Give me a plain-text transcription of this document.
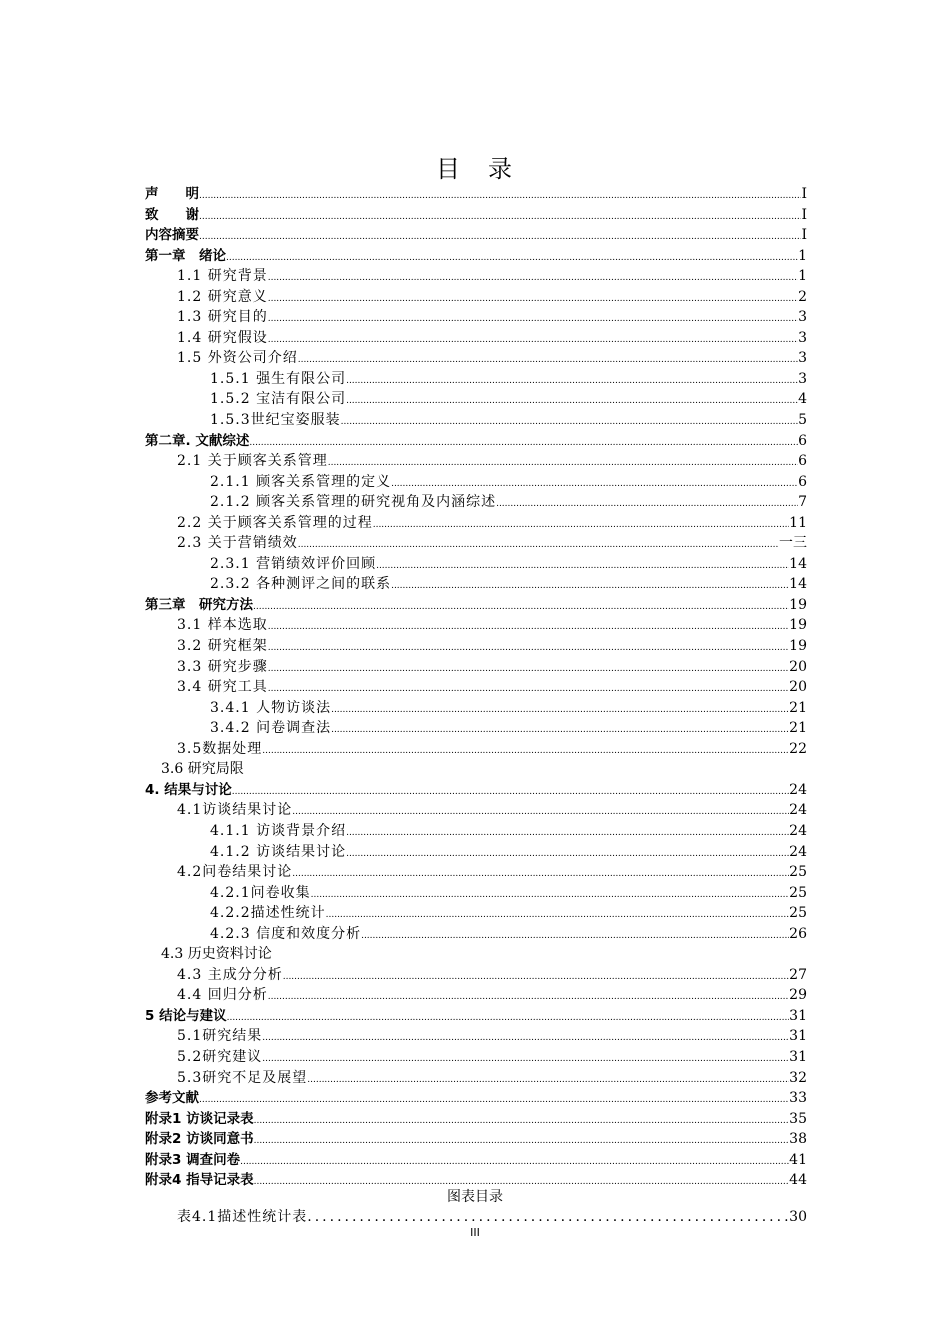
目　录
声　　明 .....	I
致　　谢 .....	I
内容摘要 .....	I
第一章　绪论 .....	1
1.1 研究背景 .....	1
1.2 研究意义 .....	2
1.3 研究目的 .....	3
1.4 研究假设 .....	3
1.5 外资公司介绍 .....	3
1.5.1 强生有限公司 .....	3
1.5.2 宝洁有限公司 .....	4
1.5.3世纪宝姿服装 .....	5
第二章. 文献综述 .....	6
2.1 关于顾客关系管理 .....	6
2.1.1 顾客关系管理的定义 .....	6
2.1.2 顾客关系管理的研究视角及内涵综述 .....	7
2.2 关于顾客关系管理的过程 .....	11
2.3 关于营销绩效 .....	一三
2.3.1 营销绩效评价回顾 .....	14
2.3.2 各种测评之间的联系 .....	14
第三章　研究方法 .....	19
3.1 样本选取 .....	19
3.2 研究框架 .....	19
3.3 研究步骤 .....	20
3.4 研究工具 .....	20
3.4.1 人物访谈法 .....	21
3.4.2 问卷调查法 .....	21
3.5数据处理 .....	22
3.6 研究局限
4. 结果与讨论 .....	24
4.1访谈结果讨论 .....	24
4.1.1 访谈背景介绍 .....	24
4.1.2 访谈结果讨论 .....	24
4.2问卷结果讨论 .....	25
4.2.1问卷收集 .....	25
4.2.2描述性统计 .....	25
4.2.3 信度和效度分析 .....	26
4.3 历史资料讨论
4.3 主成分分析 .....	27
4.4 回归分析 .....	29
5 结论与建议 .....	31
5.1研究结果 .....	31
5.2研究建议 .....	31
5.3研究不足及展望 .....	32
参考文献 .....	33
附录1 访谈记录表 .....	35
附录2 访谈同意书 .....	38
附录3 调查问卷 .....	41
附录4 指导记录表 .....	44
图表目录
表4.1描述性统计表 .....	30
III
